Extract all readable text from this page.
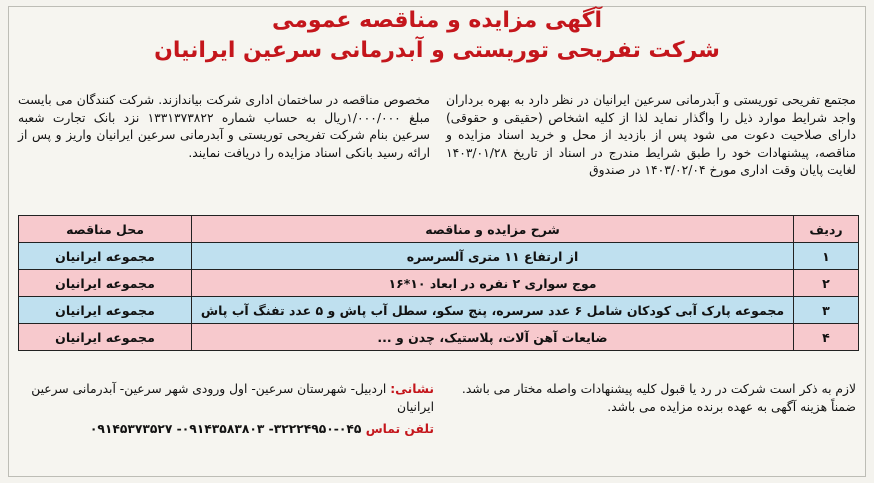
آگهی مزایده و مناقصه عمومی
شرکت تفریحی توریستی و آبدرمانی سرعین ایرانیان

مجتمع تفریحی توریستی و آبدرمانی سرعین ایرانیان در نظر دارد به بهره برداران واجد شرایط موارد ذیل را واگذار نماید لذا از کلیه اشخاص (حقیقی و حقوقی) دارای صلاحیت دعوت می شود پس از بازدید از محل و خرید اسناد مزایده و مناقصه، پیشنهادات خود را طبق شرایط مندرج در اسناد از تاریخ ۱۴۰۳/۰۱/۲۸ لغایت پایان وقت اداری مورخ ۱۴۰۳/۰۲/۰۴ در صندوق

مخصوص مناقصه در ساختمان اداری شرکت بیاندازند. شرکت کنندگان می بایست مبلغ ۱/۰۰۰/۰۰۰ریال به حساب شماره ۱۳۳۱۳۷۳۸۲۲ نزد بانک تجارت شعبه سرعین بنام شرکت تفریحی توریستی و آبدرمانی سرعین ایرانیان واریز و پس از ارائه رسید بانکی اسناد مزایده را دریافت نمایند.

ردیف	شرح مزایده و مناقصه	محل مناقصه
۱	از ارتفاع ۱۱ متری آلسرسره	مجموعه ایرانیان
۲	موج سواری ۲ نفره در ابعاد ۱۰*۱۶	مجموعه ایرانیان
۳	مجموعه پارک آبی کودکان شامل ۶ عدد سرسره، پنج سکو، سطل آب پاش و ۵ عدد تفنگ آب پاش	مجموعه ایرانیان
۴	ضایعات آهن آلات، پلاستیک، چدن و ...	مجموعه ایرانیان
لازم به ذکر است شرکت در رد یا قبول کلیه پیشنهادات واصله مختار می باشد.
ضمناً هزینه آگهی به عهده برنده مزایده می باشد.
نشانی: اردبیل- شهرستان سرعین- اول ورودی شهر سرعین- آبدرمانی سرعین ایرانیان
تلفن تماس ۰۴۵-۳۲۲۲۴۹۵۰- ۰۹۱۴۳۵۸۳۸۰۳- ۰۹۱۴۵۳۷۳۵۲۷
